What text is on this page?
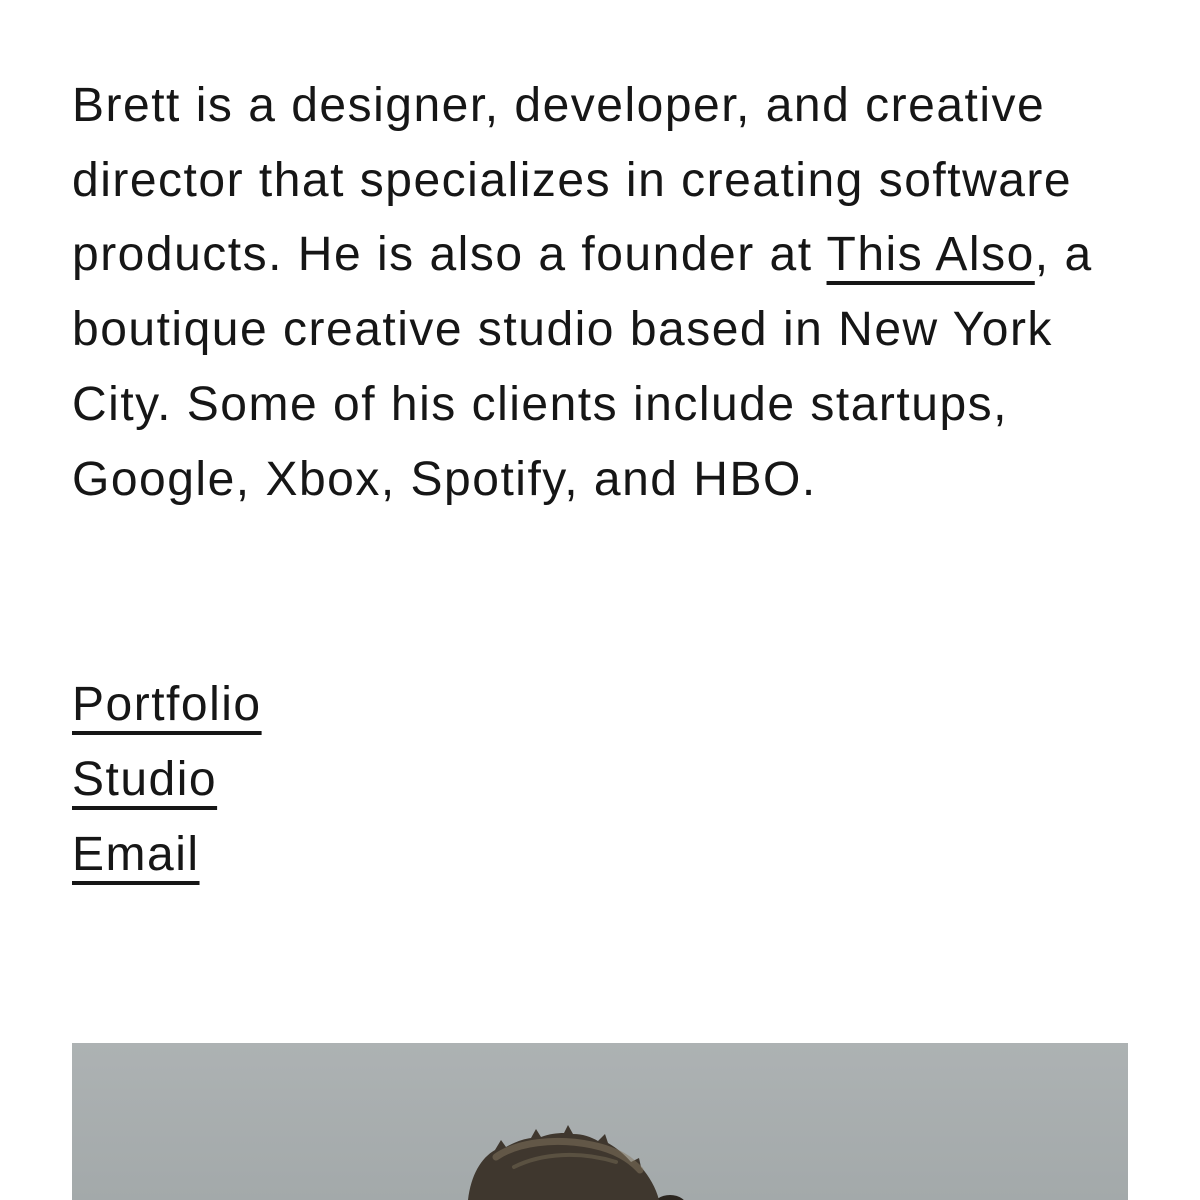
Brett is a designer, developer, and creative
director that specializes in creating software
products. He is also a founder at This Also, a
boutique creative studio based in New York
City. Some of his clients include startups,
Google, Xbox, Spotify, and HBO.
Portfolio
Studio
Email
